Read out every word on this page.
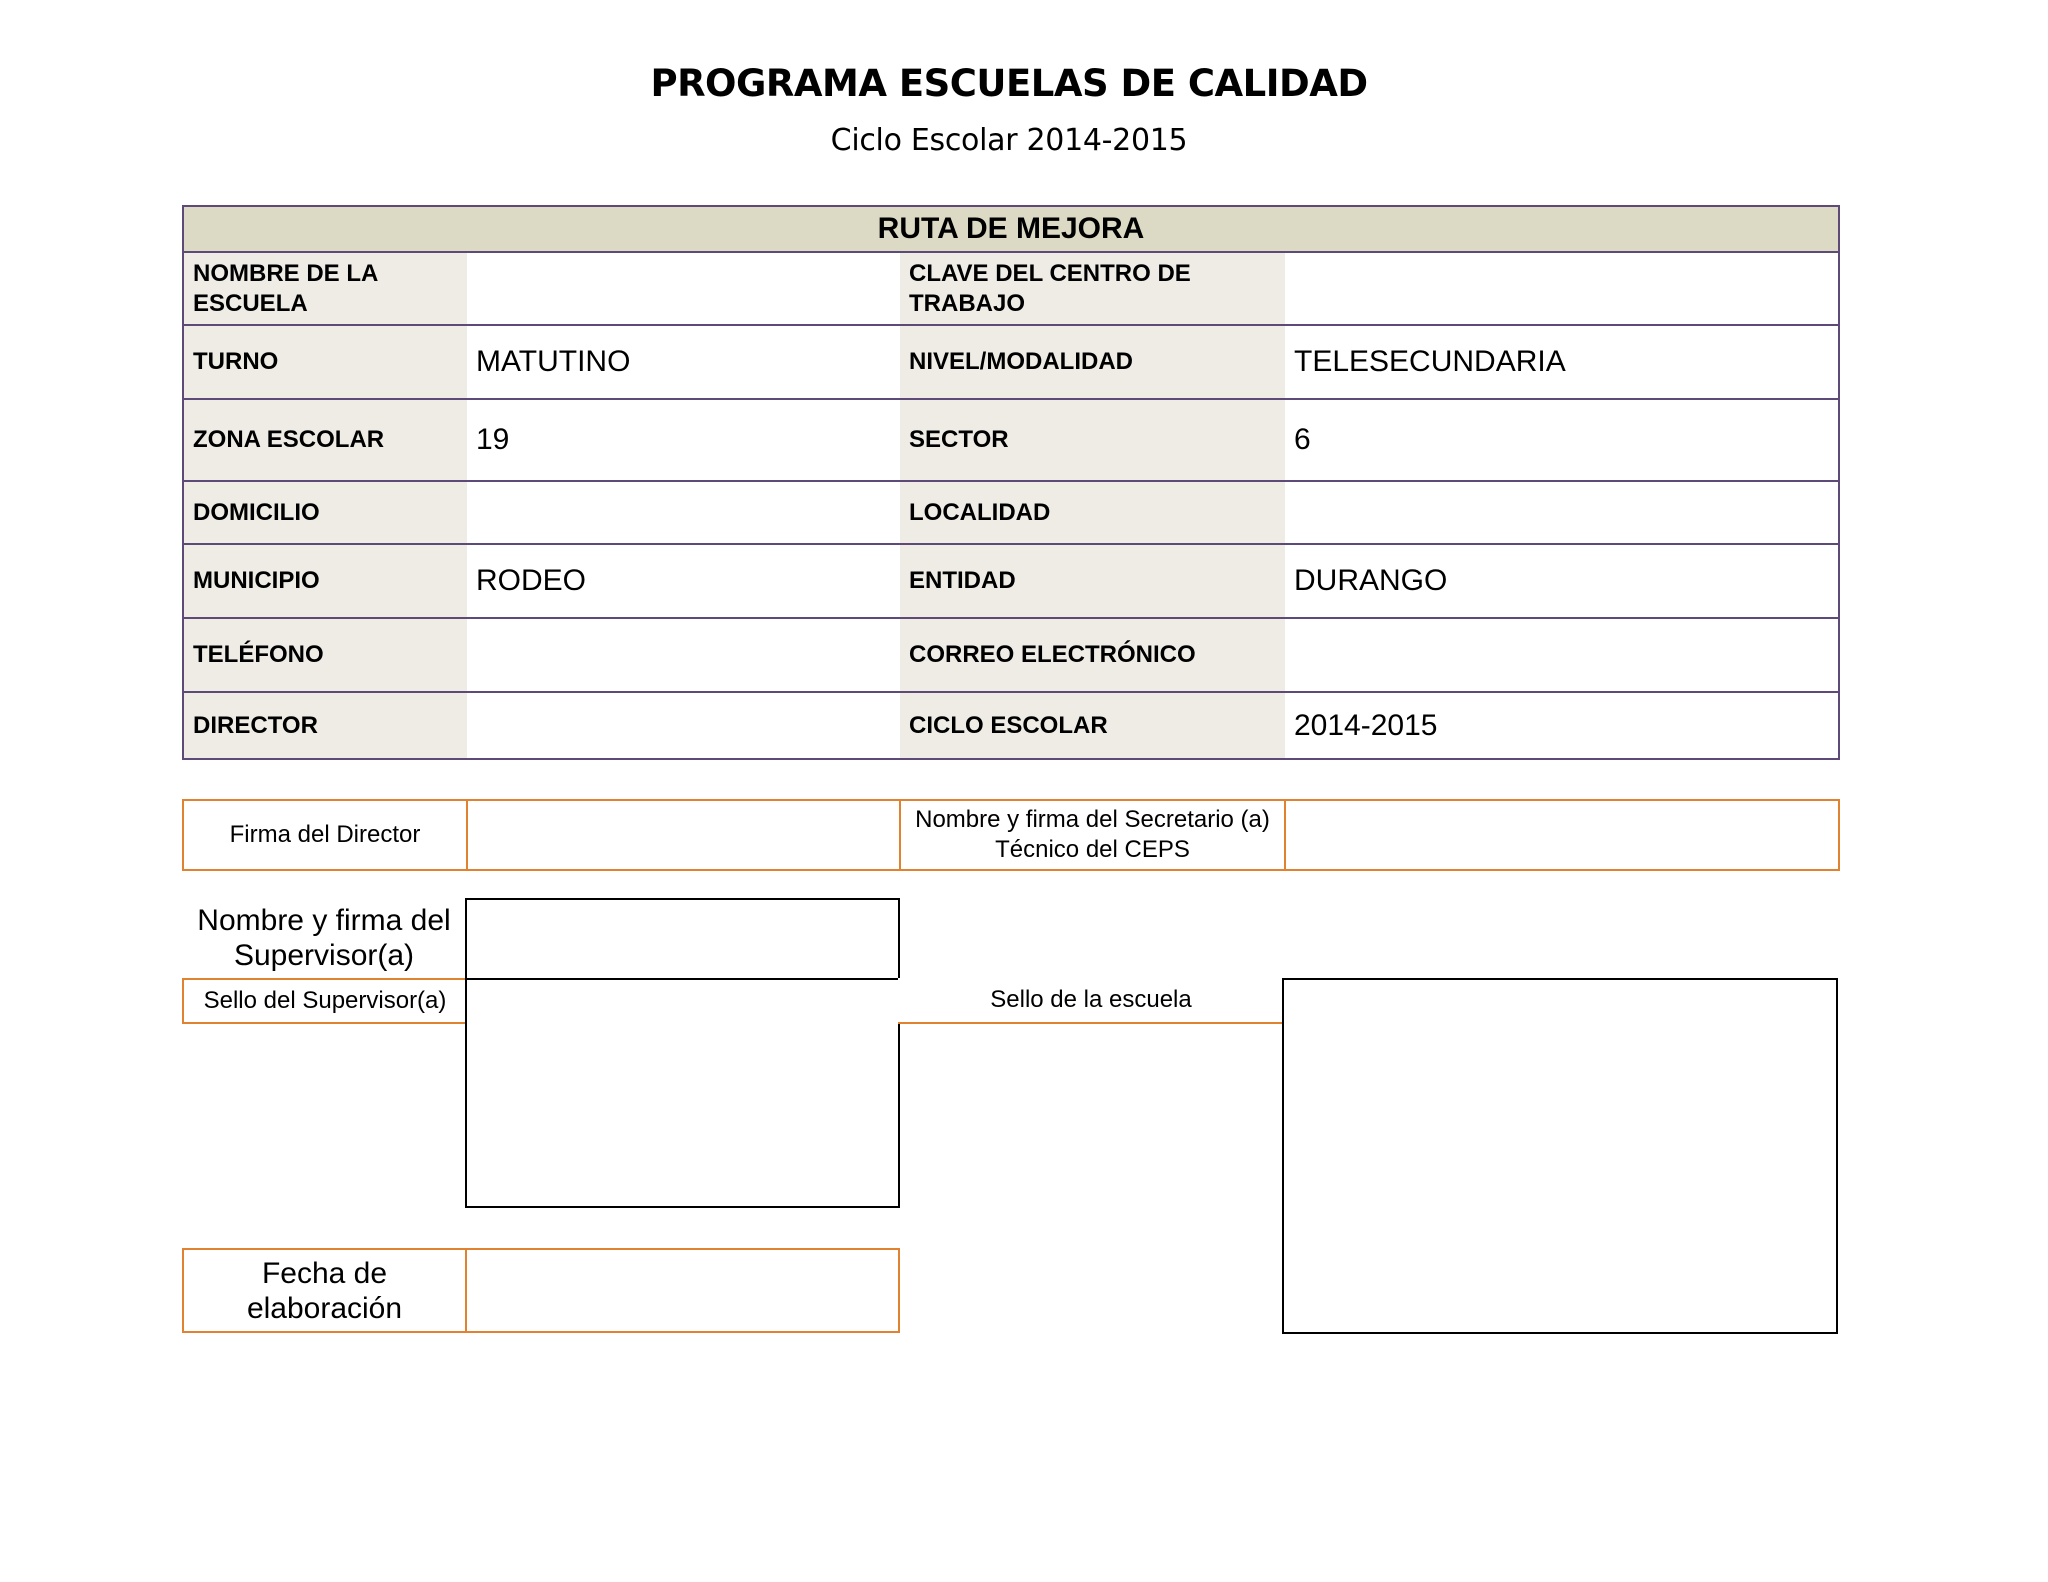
PROGRAMA ESCUELAS DE CALIDAD
Ciclo Escolar 2014-2015
RUTA DE MEJORA			
NOMBRE DE LA ESCUELA		CLAVE DEL CENTRO DE TRABAJO	
TURNO	MATUTINO	NIVEL/MODALIDAD	TELESECUNDARIA
ZONA ESCOLAR	19	SECTOR	6
DOMICILIO		LOCALIDAD	
MUNICIPIO	RODEO	ENTIDAD	DURANGO
TELÉFONO		CORREO ELECTRÓNICO	
DIRECTOR		CICLO ESCOLAR	2014-2015
Firma del Director		Nombre y firma del Secretario (a) Técnico del CEPS	
Nombre y firma del Supervisor(a)
Sello del Supervisor(a)	Sello de la escuela
Fecha de elaboración
